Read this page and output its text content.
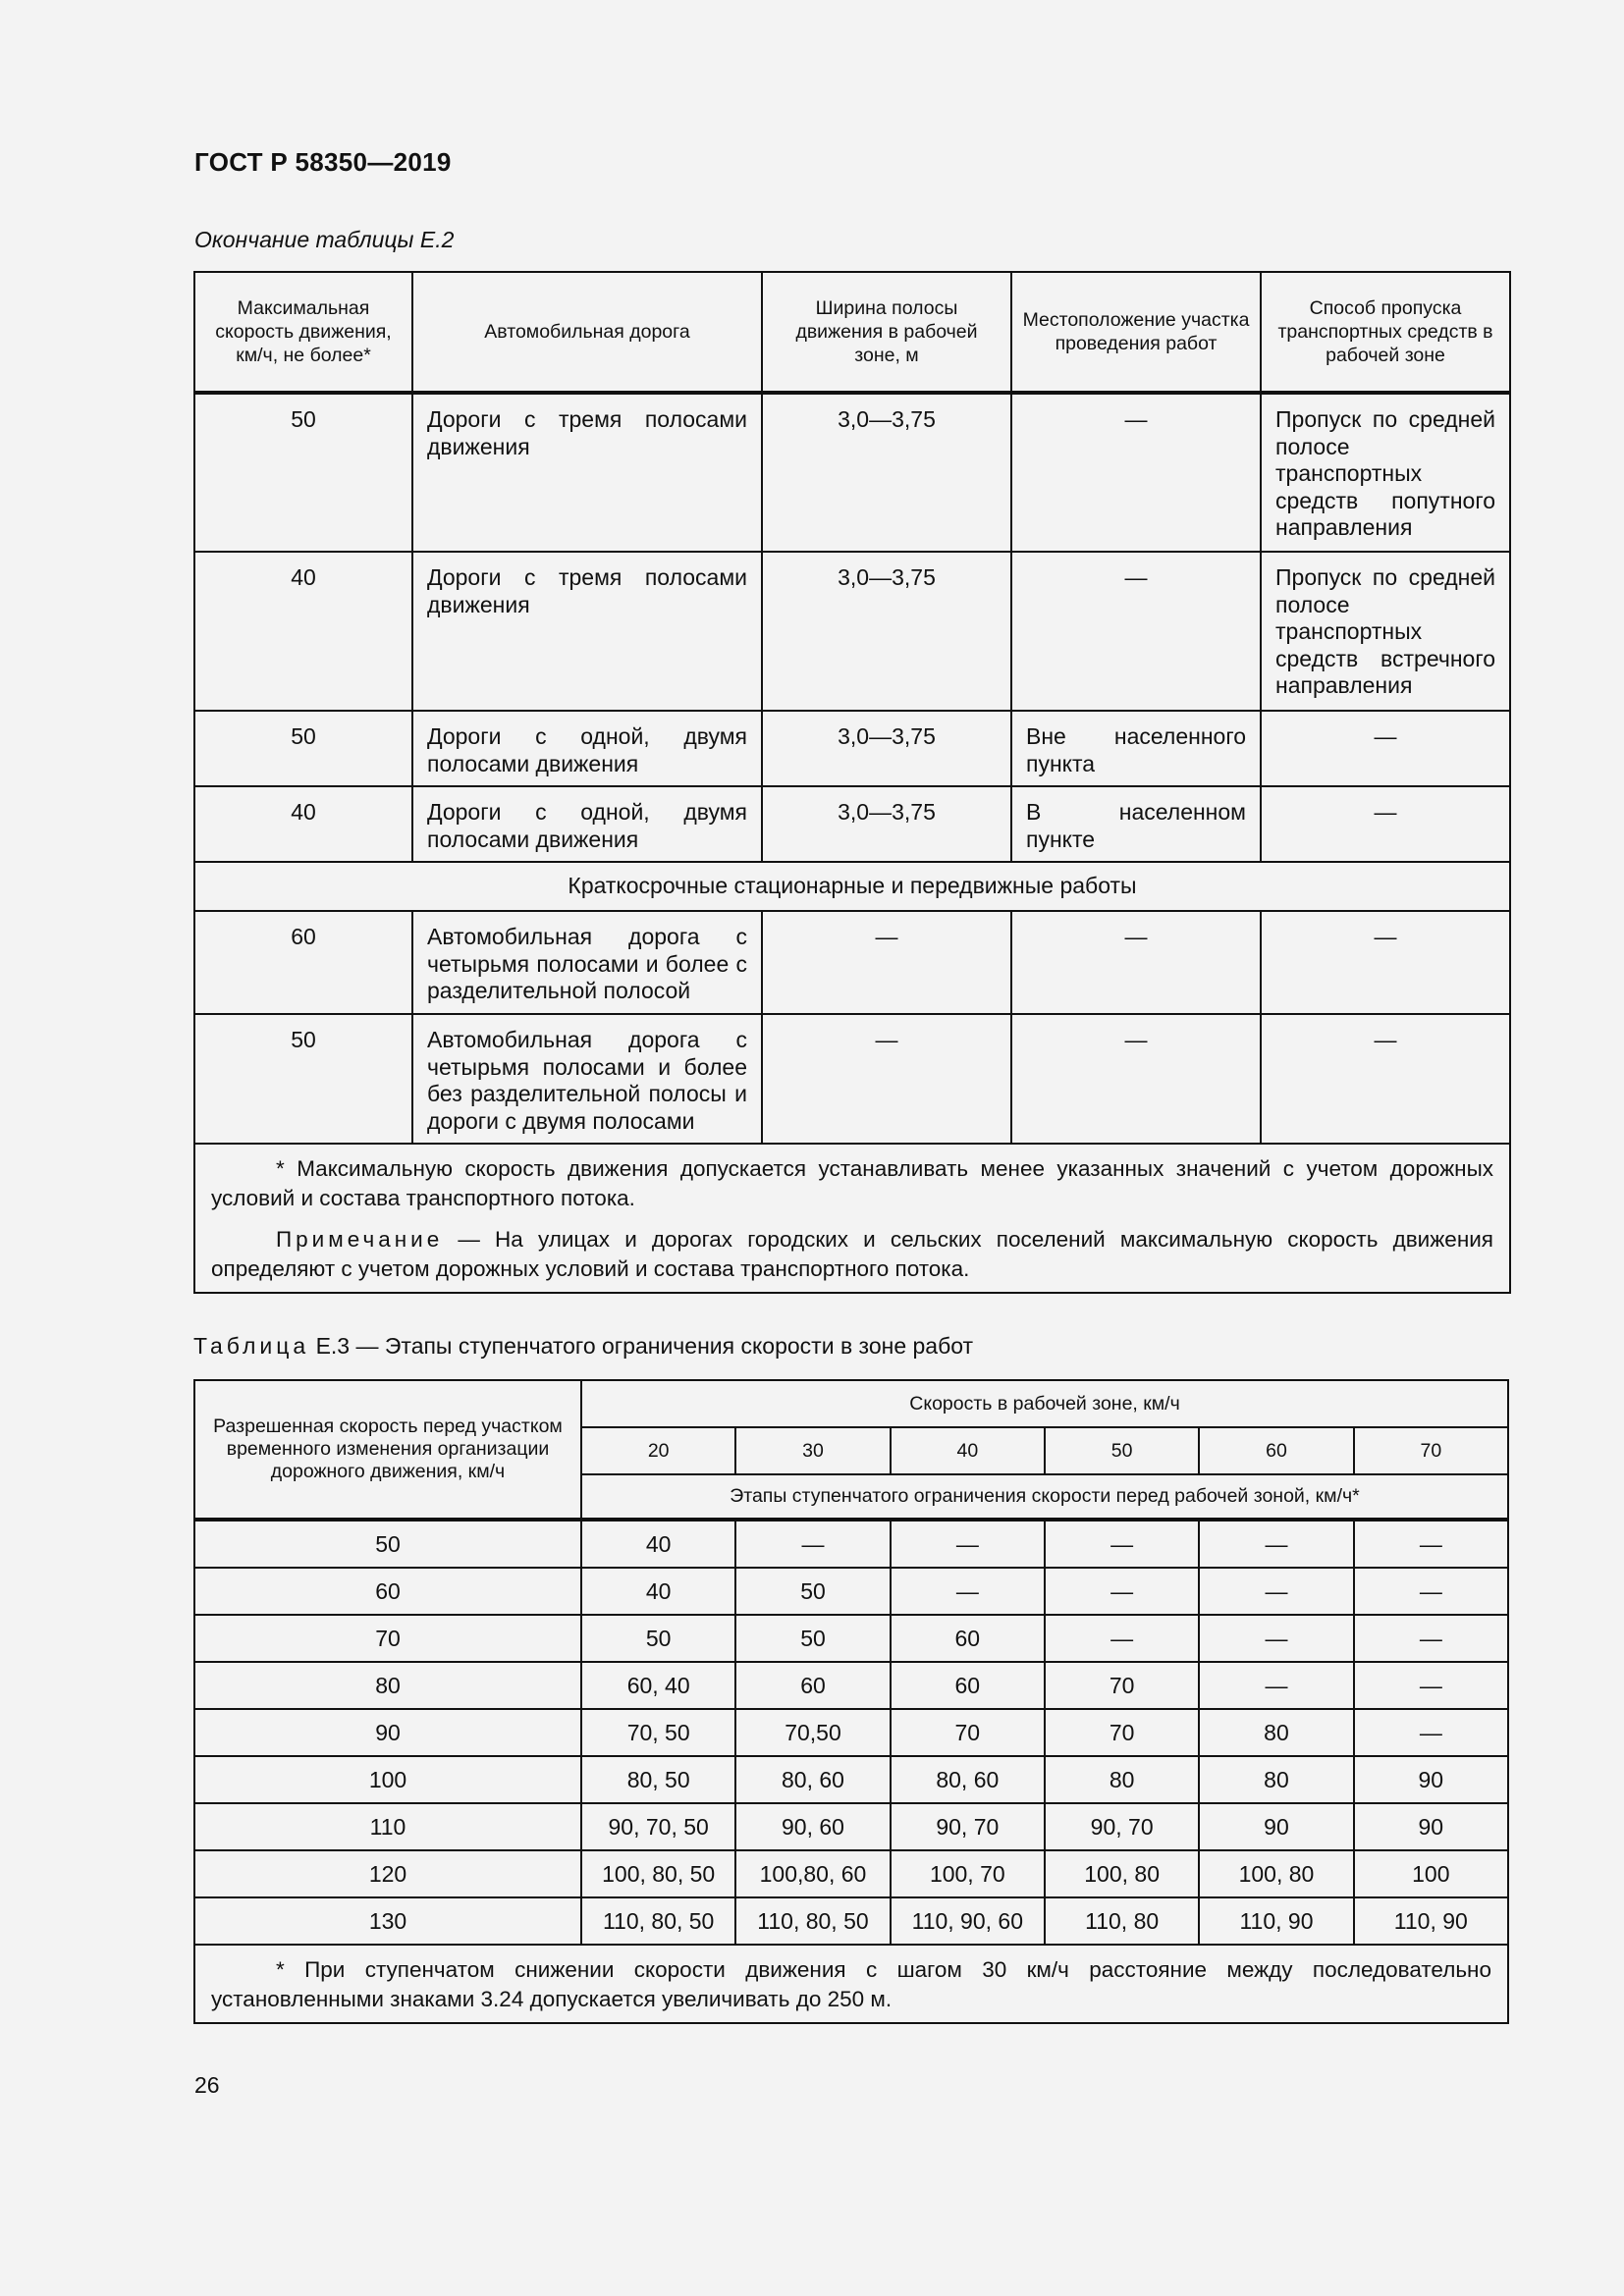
ГОСТ Р 58350—2019
Окончание таблицы Е.2
Максимальная скорость движения, км/ч, не более*	Автомобильная дорога	Ширина полосы движения в рабочей зоне, м	Местоположение участка проведения работ	Способ пропуска транспортных средств в рабочей зоне
50	Дороги с тремя полосами движения	3,0—3,75	—	Пропуск по средней полосе транспортных средств попутного направления
40	Дороги с тремя полосами движения	3,0—3,75	—	Пропуск по средней полосе транспортных средств встречного направления
50	Дороги с одной, двумя полосами движения	3,0—3,75	Вне населенного пункта	—
40	Дороги с одной, двумя полосами движения	3,0—3,75	В населенном пункте	—
Краткосрочные стационарные и передвижные работы				
60	Автомобильная дорога с четырьмя полосами и более с разделительной полосой	—	—	—
50	Автомобильная дорога с четырьмя полосами и более без разделительной полосы и дороги с двумя полосами	—	—	—

* Максимальную скорость движения допускается устанавливать менее указанных значений с учетом дорожных условий и состава транспортного потока.

Примечание — На улицах и дорогах городских и сельских поселений максимальную скорость движения определяют с учетом дорожных условий и состава транспортного потока.				

Таблица Е.3 — Этапы ступенчатого ограничения скорости в зоне работ
Разрешенная скорость перед участком временного изменения организации дорожного движения, км/ч	Скорость в рабочей зоне, км/ч					
	20	30	40	50	60	70
	Этапы ступенчатого ограничения скорости перед рабочей зоной, км/ч*					
50	40	—	—	—	—	—
60	40	50	—	—	—	—
70	50	50	60	—	—	—
80	60, 40	60	60	70	—	—
90	70, 50	70,50	70	70	80	—
100	80, 50	80, 60	80, 60	80	80	90
110	90, 70, 50	90, 60	90, 70	90, 70	90	90
120	100, 80, 50	100,80, 60	100, 70	100, 80	100, 80	100
130	110, 80, 50	110, 80, 50	110, 90, 60	110, 80	110, 90	110, 90

* При ступенчатом снижении скорости движения с шагом 30 км/ч расстояние между последовательно установленными знаками 3.24 допускается увеличивать до 250 м.						

26
